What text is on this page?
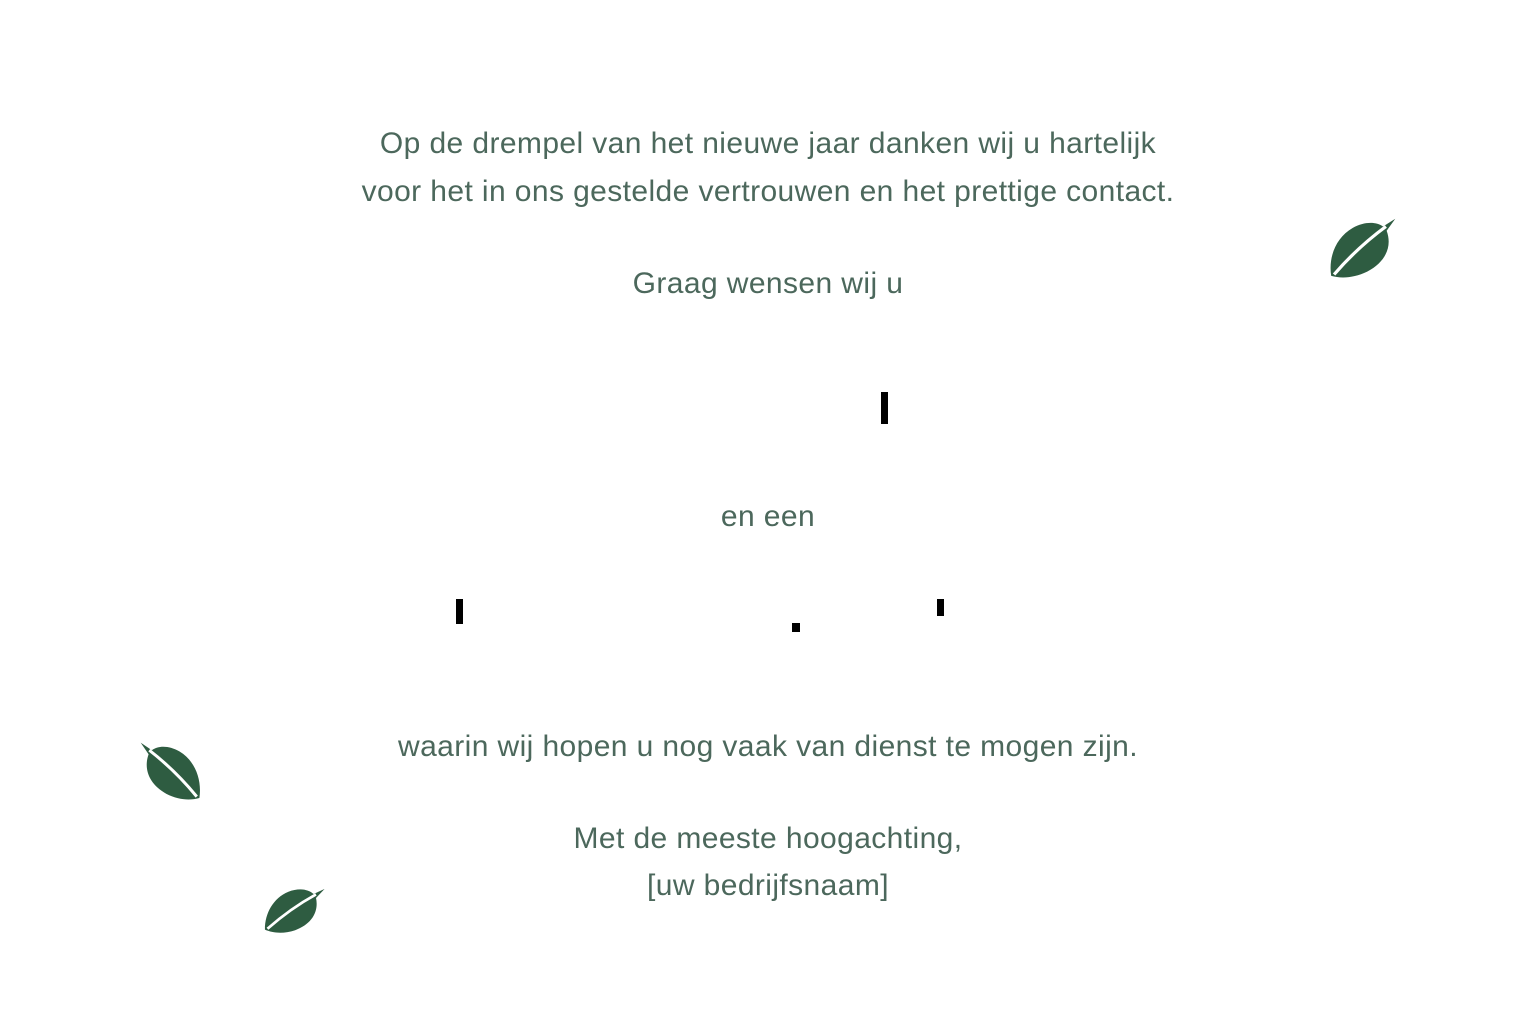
Op de drempel van het nieuwe jaar danken wij u hartelijk
voor het in ons gestelde vertrouwen en het prettige contact.
Graag wensen wij u
en een
waarin wij hopen u nog vaak van dienst te mogen zijn.
Met de meeste hoogachting,
[uw bedrijfsnaam]
